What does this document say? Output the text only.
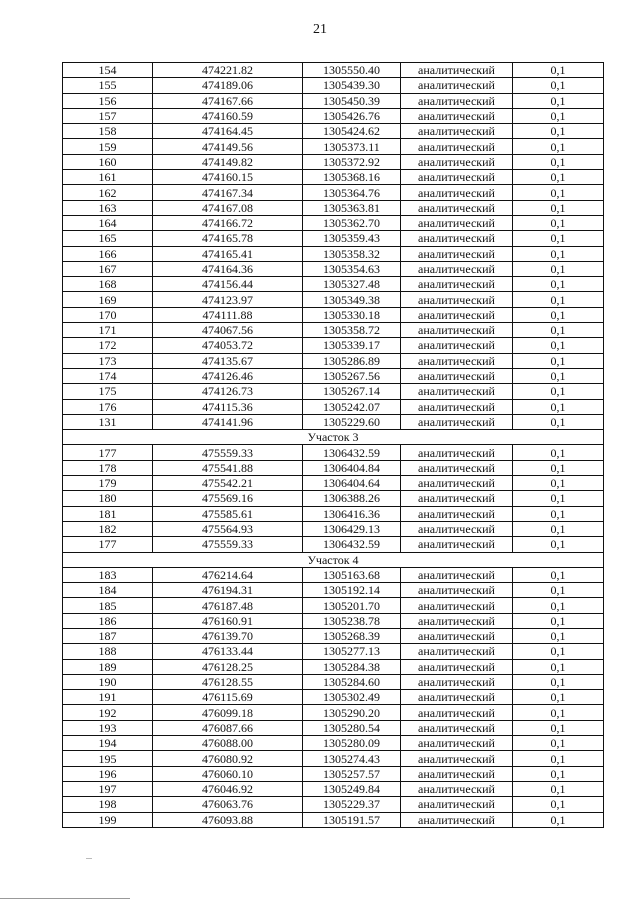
21
154	474221.82	1305550.40	аналитический	0,1
155	474189.06	1305439.30	аналитический	0,1
156	474167.66	1305450.39	аналитический	0,1
157	474160.59	1305426.76	аналитический	0,1
158	474164.45	1305424.62	аналитический	0,1
159	474149.56	1305373.11	аналитический	0,1
160	474149.82	1305372.92	аналитический	0,1
161	474160.15	1305368.16	аналитический	0,1
162	474167.34	1305364.76	аналитический	0,1
163	474167.08	1305363.81	аналитический	0,1
164	474166.72	1305362.70	аналитический	0,1
165	474165.78	1305359.43	аналитический	0,1
166	474165.41	1305358.32	аналитический	0,1
167	474164.36	1305354.63	аналитический	0,1
168	474156.44	1305327.48	аналитический	0,1
169	474123.97	1305349.38	аналитический	0,1
170	474111.88	1305330.18	аналитический	0,1
171	474067.56	1305358.72	аналитический	0,1
172	474053.72	1305339.17	аналитический	0,1
173	474135.67	1305286.89	аналитический	0,1
174	474126.46	1305267.56	аналитический	0,1
175	474126.73	1305267.14	аналитический	0,1
176	474115.36	1305242.07	аналитический	0,1
131	474141.96	1305229.60	аналитический	0,1
Участок 3				
177	475559.33	1306432.59	аналитический	0,1
178	475541.88	1306404.84	аналитический	0,1
179	475542.21	1306404.64	аналитический	0,1
180	475569.16	1306388.26	аналитический	0,1
181	475585.61	1306416.36	аналитический	0,1
182	475564.93	1306429.13	аналитический	0,1
177	475559.33	1306432.59	аналитический	0,1
Участок 4				
183	476214.64	1305163.68	аналитический	0,1
184	476194.31	1305192.14	аналитический	0,1
185	476187.48	1305201.70	аналитический	0,1
186	476160.91	1305238.78	аналитический	0,1
187	476139.70	1305268.39	аналитический	0,1
188	476133.44	1305277.13	аналитический	0,1
189	476128.25	1305284.38	аналитический	0,1
190	476128.55	1305284.60	аналитический	0,1
191	476115.69	1305302.49	аналитический	0,1
192	476099.18	1305290.20	аналитический	0,1
193	476087.66	1305280.54	аналитический	0,1
194	476088.00	1305280.09	аналитический	0,1
195	476080.92	1305274.43	аналитический	0,1
196	476060.10	1305257.57	аналитический	0,1
197	476046.92	1305249.84	аналитический	0,1
198	476063.76	1305229.37	аналитический	0,1
199	476093.88	1305191.57	аналитический	0,1
